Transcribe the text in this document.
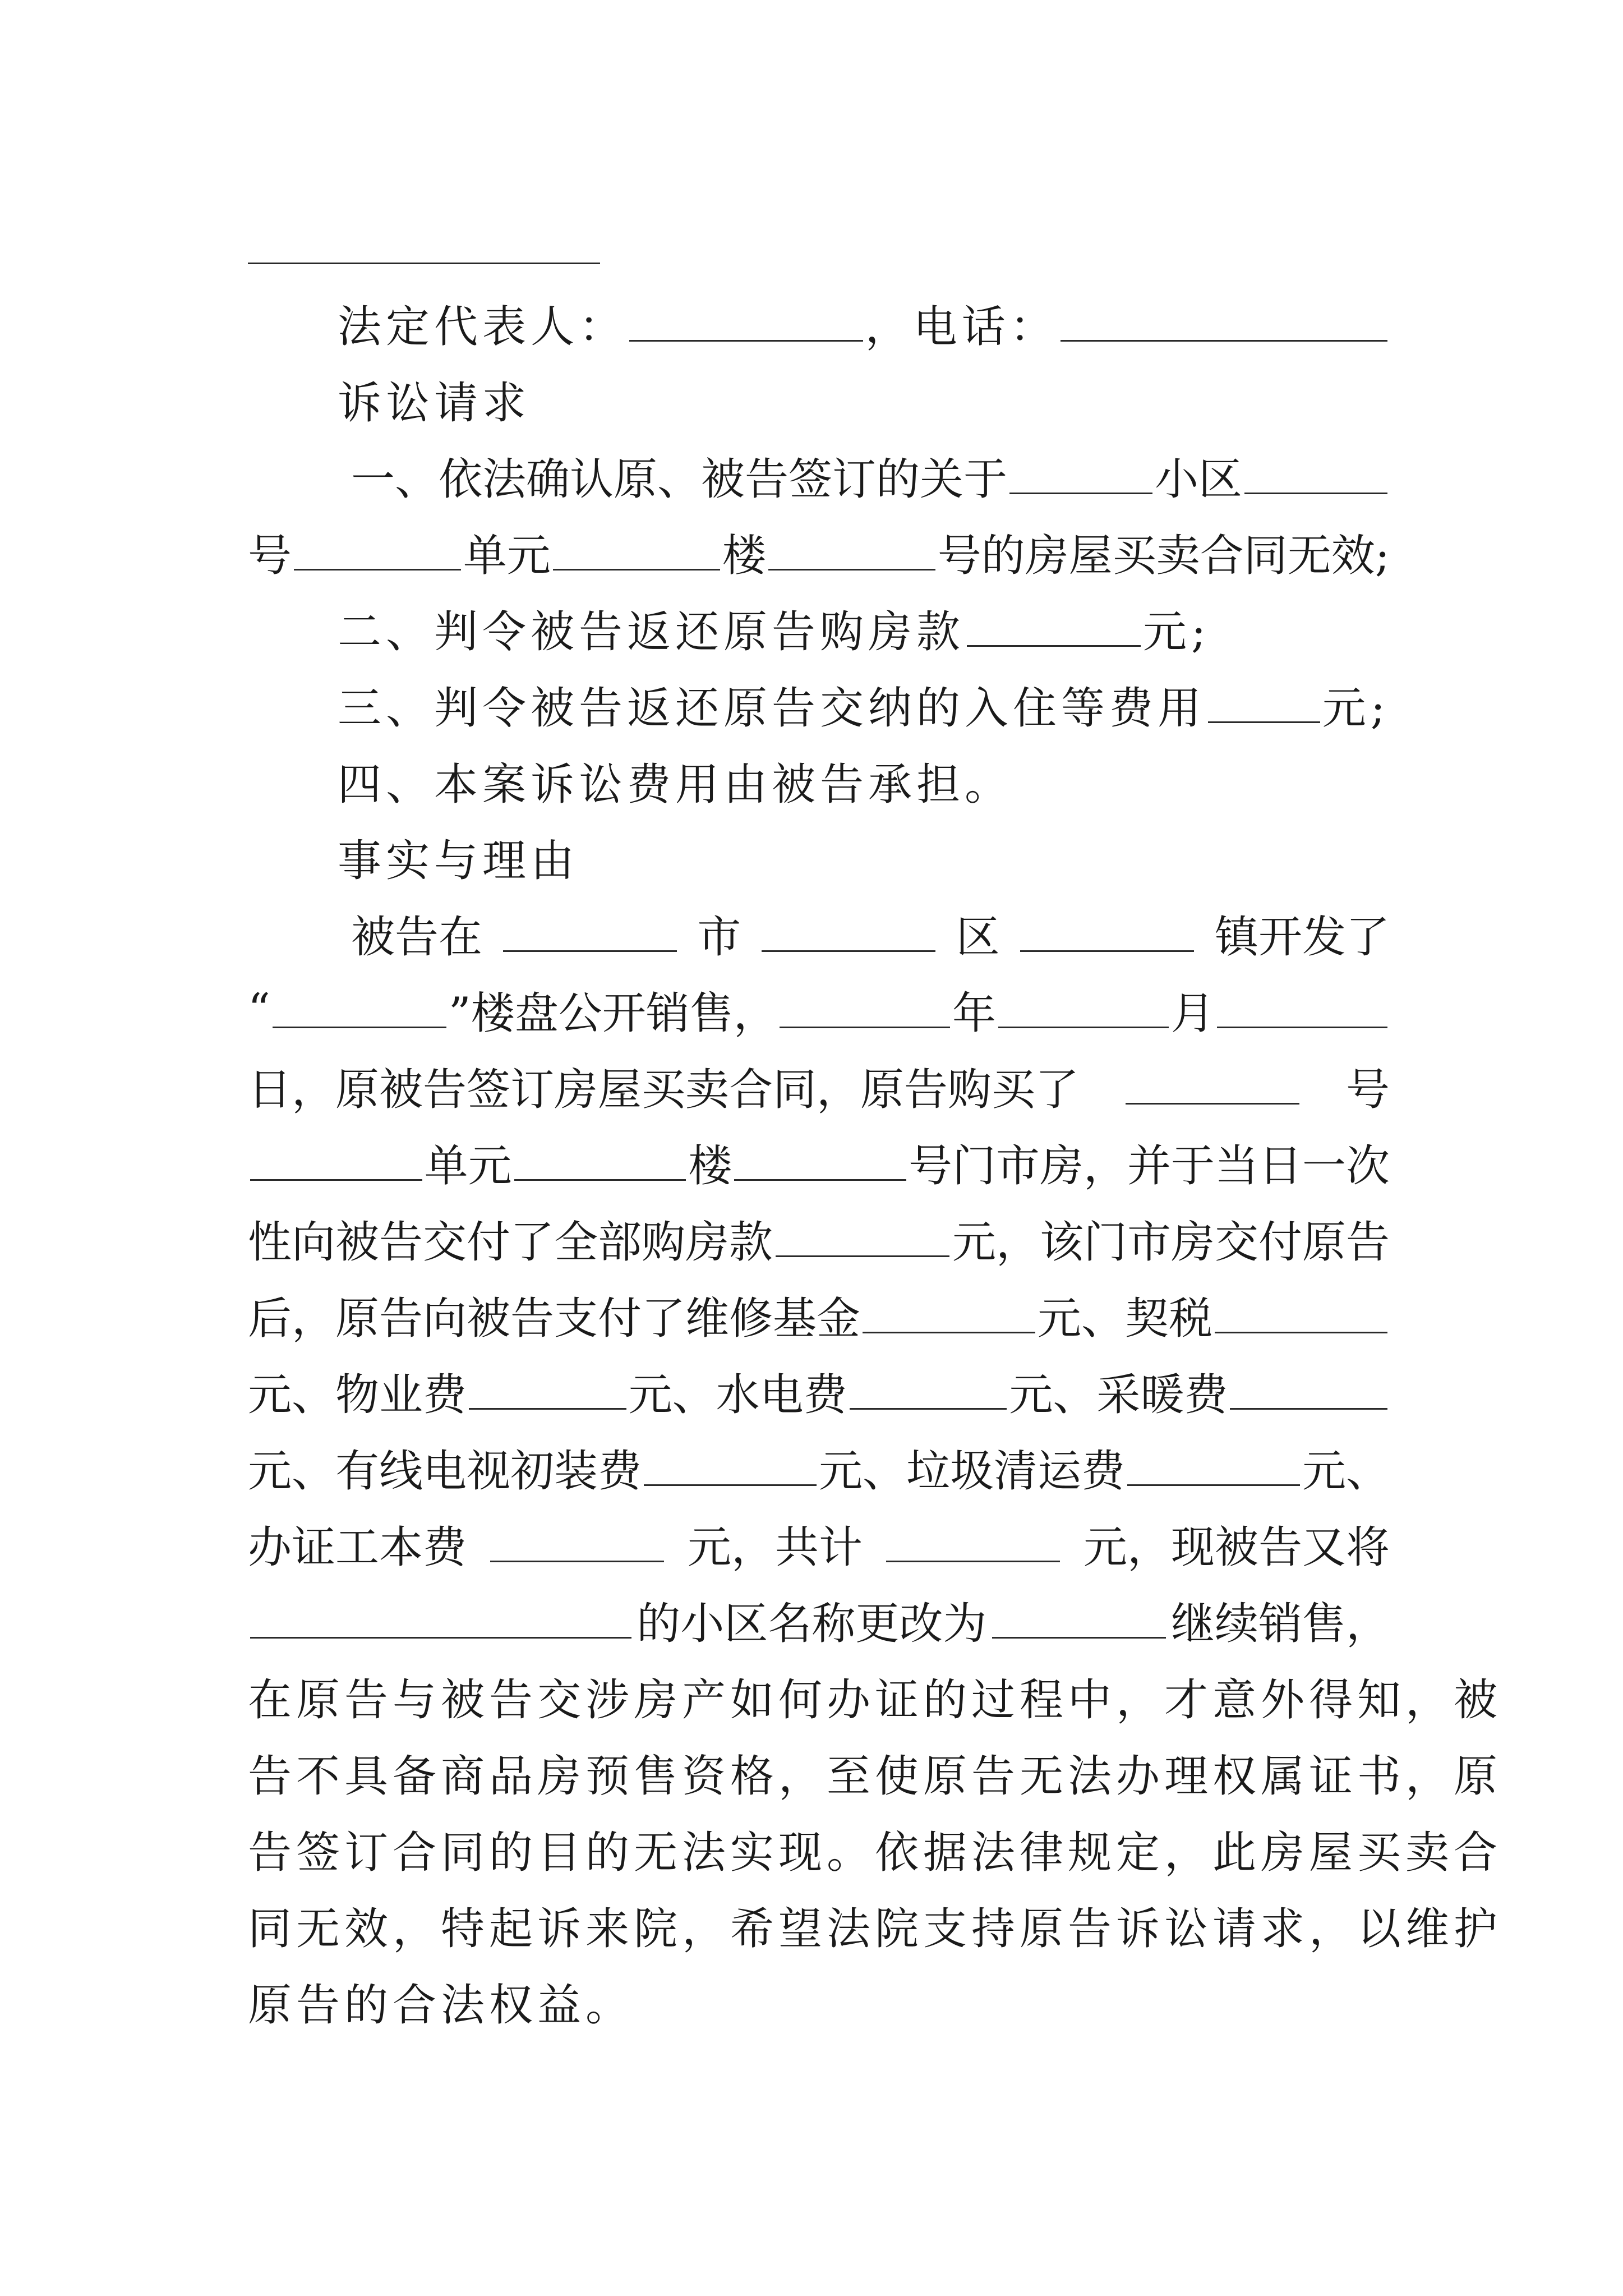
法定代表人：	，电话：
诉讼请求
一、依法确认原、被告签订的关于	小区
号	单元	楼	号的房屋买卖合同无效;
二、判令被告返还原告购房款	元;
三、判令被告返还原告交纳的入住等费用	元;
四、本案诉讼费用由被告承担。
事实与理由
被告在	市	区	镇开发了
“	”楼盘公开销售，	年	月
日，原被告签订房屋买卖合同，原告购买了	号
单元	楼	号门市房，并于当日一次
性向被告交付了全部购房款	元，该门市房交付原告
后，原告向被告支付了维修基金	元、契税
元、物业费	元、水电费	元、采暖费
元、有线电视初装费	元、垃圾清运费	元、
办证工本费	元，共计	元，现被告又将
的小区名称更改为	继续销售，
在原告与被告交涉房产如何办证的过程中，才意外得知，被
告不具备商品房预售资格，至使原告无法办理权属证书，原
告签订合同的目的无法实现。依据法律规定，此房屋买卖合
同无效，特起诉来院，希望法院支持原告诉讼请求，以维护
原告的合法权益。
